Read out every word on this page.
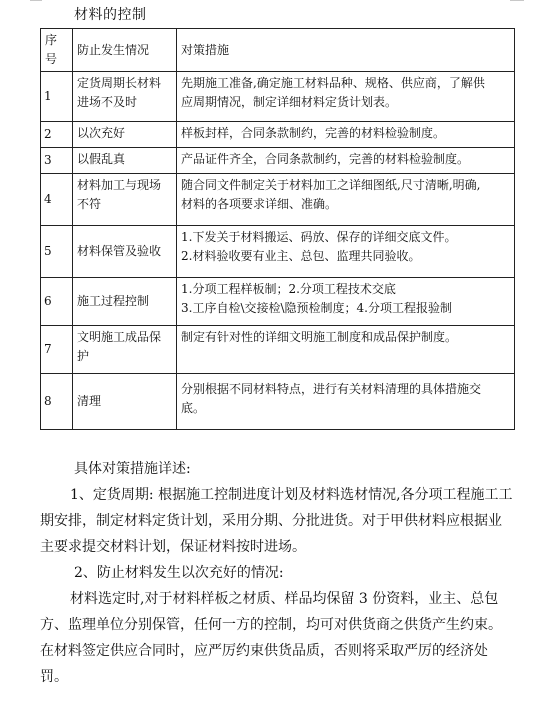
材料的控制
序号	防止发生情况	对策措施
1	定货周期长材料进场不及时	先期施工准备,确定施工材料品种、规格、供应商，了解供
应周期情况，制定详细材料定货计划表。

2	以次充好	样板封样，合同条款制约，完善的材料检验制度。

3	以假乱真	产品证件齐全，合同条款制约，完善的材料检验制度。

4	材料加工与现场不符	随合同文件制定关于材料加工之详细图纸,尺寸清晰,明确,
材料的各项要求详细、准确。

5	材料保管及验收	1.下发关于材料搬运、码放、保存的详细交底文件。
2.材料验收要有业主、总包、监理共同验收。

6	施工过程控制	1.分项工程样板制；2.分项工程技术交底
3.工序自检\交接检\隐预检制度；4.分项工程报验制

7	文明施工成品保护	制定有针对性的详细文明施工制度和成品保护制度。

8	清理	分别根据不同材料特点，进行有关材料清理的具体措施交
底。

具体对策措施详述:

1、定货周期: 根据施工控制进度计划及材料选材情况,各分项工程施工工期安排，制定材料定货计划，采用分期、分批进货。对于甲供材料应根据业主要求提交材料计划，保证材料按时进场。

2、防止材料发生以次充好的情况:

材料选定时,对于材料样板之材质、样品均保留 3 份资料，业主、总包方、监理单位分别保管，任何一方的控制，均可对供货商之供货产生约束。在材料签定供应合同时，应严厉约束供货品质，否则将采取严厉的经济处罚。
